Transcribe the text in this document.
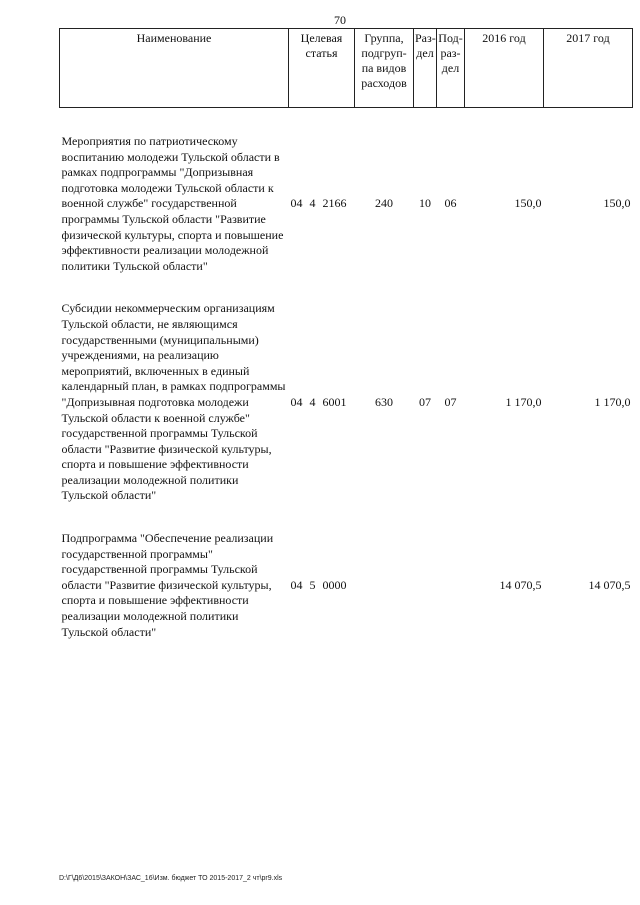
70
Наименование	Целевая статья	Группа, подгруп-па видов расходов	Раз-дел	Под-раз-дел	2016 год	2017 год

Мероприятия по патриотическому воспитанию молодежи Тульской области в рамках подпрограммы "Допризывная подготовка молодежи Тульской области к военной службе" государственной программы Тульской области "Развитие физической культуры, спорта и повышение эффективности реализации молодежной политики Тульской области"	04 4 2166	240	10	06	150,0	150,0

Субсидии некоммерческим организациям Тульской области, не являющимся государственными (муниципальными) учреждениями, на реализацию мероприятий, включенных в единый календарный план, в рамках подпрограммы "Допризывная подготовка молодежи Тульской области к военной службе" государственной программы Тульской области "Развитие физической культуры, спорта и повышение эффективности реализации молодежной политики Тульской области"	04 4 6001	630	07	07	1 170,0	1 170,0

Подпрограмма "Обеспечение реализации государственной программы" государственной программы Тульской области "Развитие физической культуры, спорта и повышение эффективности реализации молодежной политики Тульской области"	04 5 0000				14 070,5	14 070,5
D:\Г\Д6\2015\ЗАКОН\ЗАС_16\Изм. бюджет ТО 2015-2017_2 чт\pr9.xls
